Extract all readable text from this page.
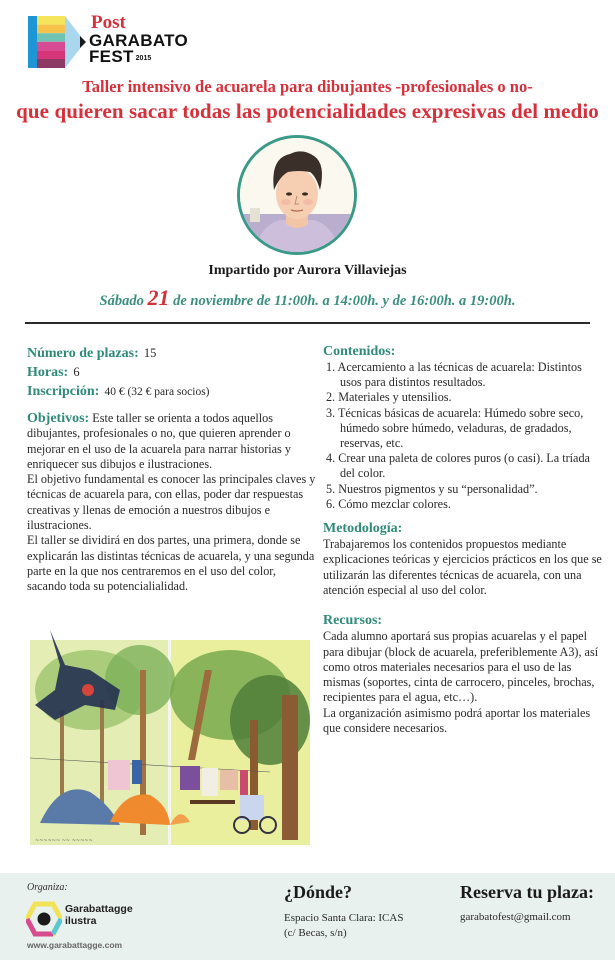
Post
GARABATO
FEST $^{2015}$
Taller intensivo de acuarela para dibujantes -profesionales o no-
que quieren sacar todas las potencialidades expresivas del medio
Impartido por Aurora Villaviejas
Sábado 21 de noviembre de 11:00h. a 14:00h. y de 16:00h. a 19:00h.
Número de plazas: 15
Horas: 6
Inscripción: 40 € (32 € para socios)
Objetivos: Este taller se orienta a todos aquellos dibujantes, profesionales o no, que quieren aprender o mejorar en el uso de la acuarela para narrar historias y enriquecer sus dibujos e ilustraciones.
El objetivo fundamental es conocer las principales claves y técnicas de acuarela para, con ellas, poder dar respuestas creativas y llenas de emoción a nuestros dibujos e ilustraciones.
El taller se dividirá en dos partes, una primera, donde se explicarán las distintas técnicas de acuarela, y una segunda parte en la que nos centraremos en el uso del color, sacando toda su potencialialidad.
~~~~~~ ~~ ~~~~~
Contenidos:
1. Acercamiento a las técnicas de acuarela: Distintos usos para distintos resultados.
2. Materiales y utensilios.
3. Técnicas básicas de acuarela: Húmedo sobre seco, húmedo sobre húmedo, veladuras, de gradados, reservas, etc.
4. Crear una paleta de colores puros (o casi). La tríada del color.
5. Nuestros pigmentos y su “personalidad”.
6. Cómo mezclar colores.
Metodología:
Trabajaremos los contenidos propuestos mediante explicaciones teóricas y ejercicios prácticos en los que se utilizarán las diferentes técnicas de acuarela, con una atención especial al uso del color.
Recursos:
Cada alumno aportará sus propias acuarelas y el papel para dibujar (block de acuarela, preferiblemente A3), así como otros materiales necesarios para el uso de las mismas (soportes, cinta de carrocero, pinceles, brochas, recipientes para el agua, etc…).
La organización asimismo podrá aportar los materiales que considere necesarios.
Organiza:
Garabattagge
ilustra
www.garabattagge.com
¿Dónde?
Espacio Santa Clara: ICAS
(c/ Becas, s/n)
Reserva tu plaza:
garabatofest@gmail.com
